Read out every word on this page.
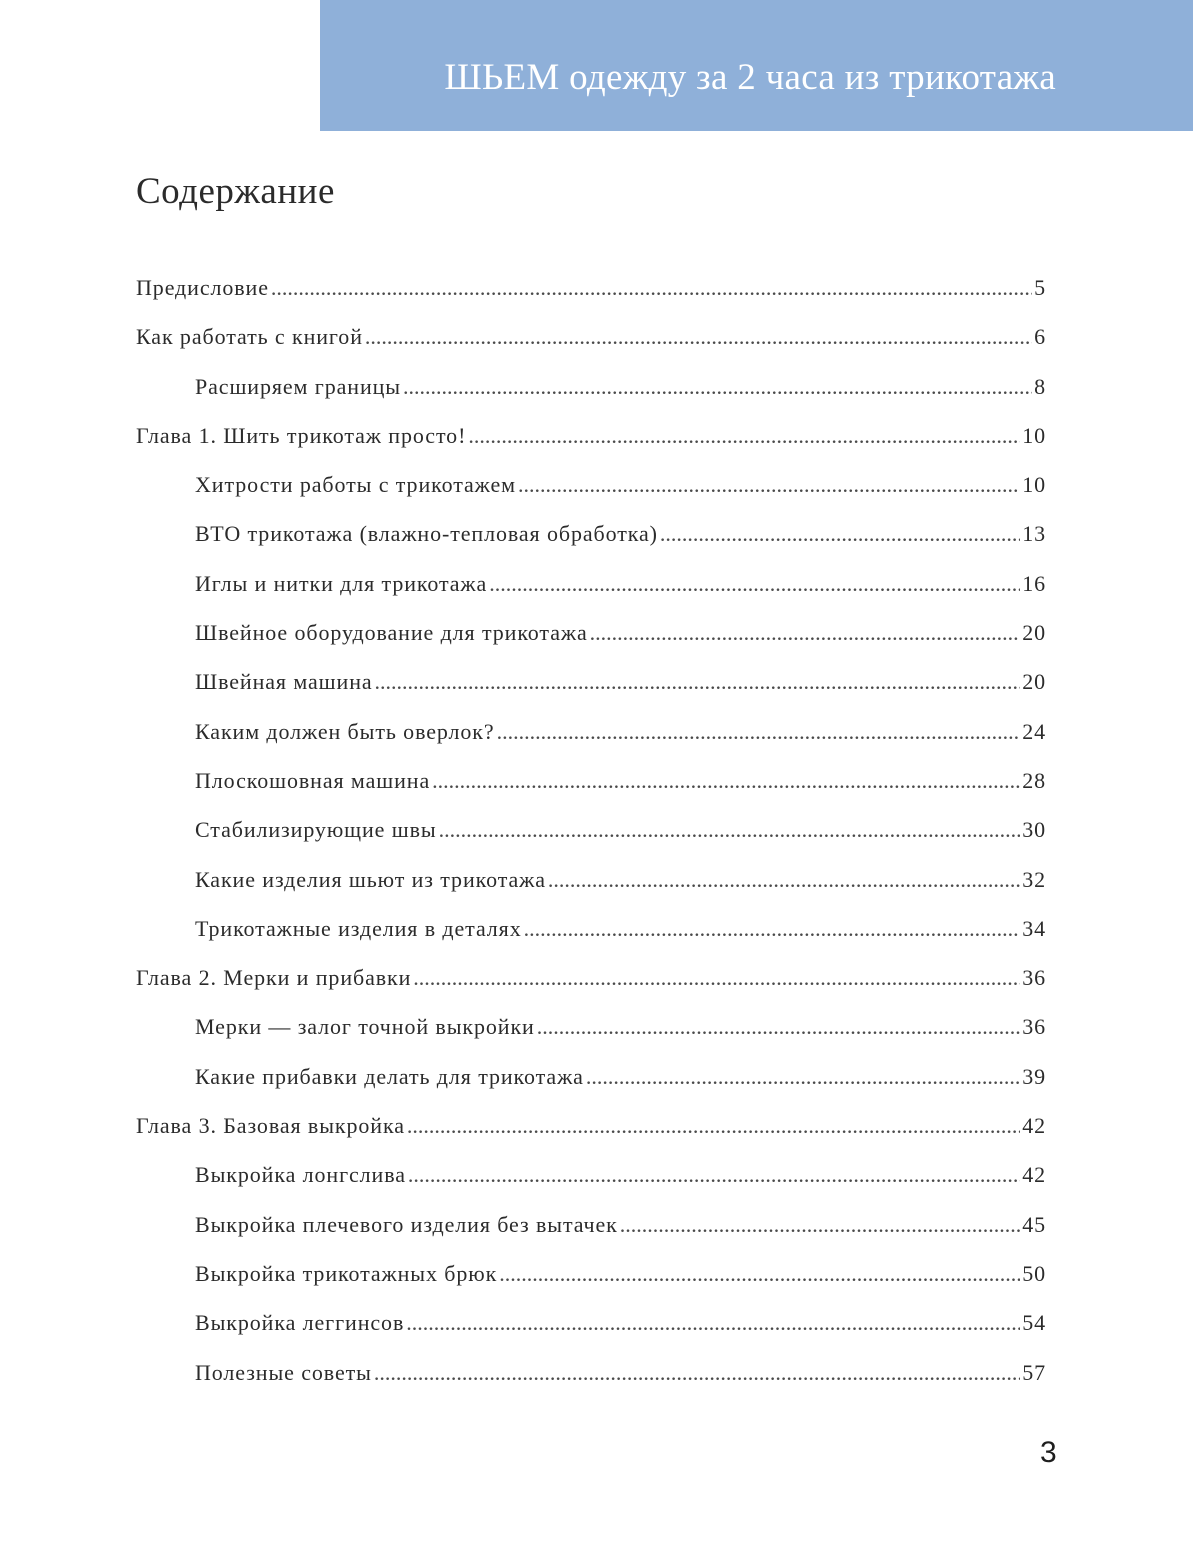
ШЬЕМ одежду за 2 часа из трикотажа
Содержание
Предисловие .....	5
Как работать с книгой .....	6
Расширяем границы .....	8
Глава 1. Шить трикотаж просто! .....	10
Хитрости работы с трикотажем .....	10
ВТО трикотажа (влажно-тепловая обработка) .....	13
Иглы и нитки для трикотажа .....	16
Швейное оборудование для трикотажа .....	20
Швейная машина .....	20
Каким должен быть оверлок? .....	24
Плоскошовная машина .....	28
Стабилизирующие швы .....	30
Какие изделия шьют из трикотажа .....	32
Трикотажные изделия в деталях .....	34
Глава 2. Мерки и прибавки .....	36
Мерки — залог точной выкройки .....	36
Какие прибавки делать для трикотажа .....	39
Глава 3. Базовая выкройка .....	42
Выкройка лонгслива .....	42
Выкройка плечевого изделия без вытачек .....	45
Выкройка трикотажных брюк .....	50
Выкройка леггинсов .....	54
Полезные советы .....	57
3
